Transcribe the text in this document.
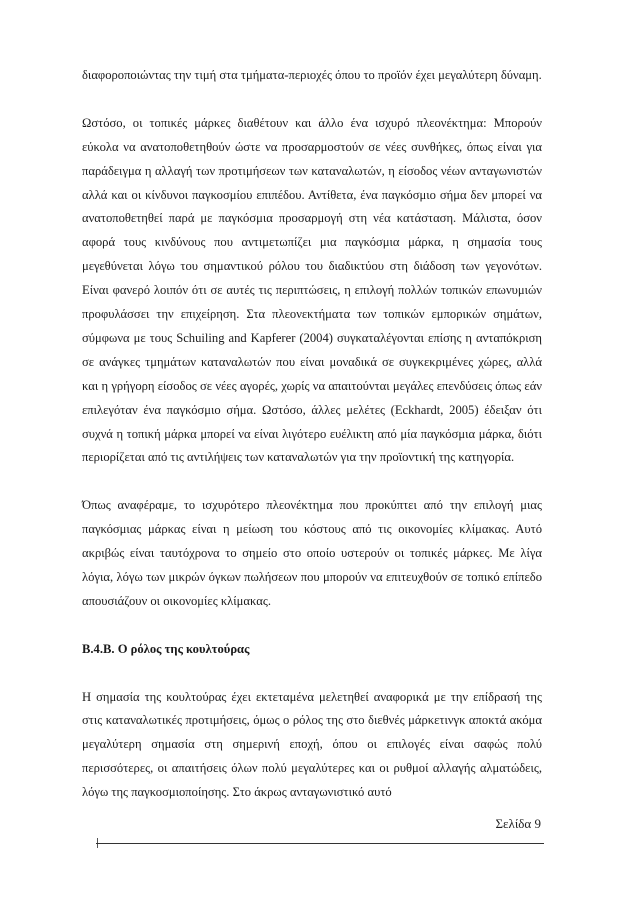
διαφοροποιώντας την τιμή στα τμήματα-περιοχές όπου το προϊόν έχει μεγαλύτερη δύναμη.

Ωστόσο, οι τοπικές μάρκες διαθέτουν και άλλο ένα ισχυρό πλεονέκτημα: Μπορούν εύκολα να ανατοποθετηθούν ώστε να προσαρμοστούν σε νέες συνθήκες, όπως είναι για παράδειγμα η αλλαγή των προτιμήσεων των καταναλωτών, η είσοδος νέων ανταγωνιστών αλλά και οι κίνδυνοι παγκοσμίου επιπέδου. Αντίθετα, ένα παγκόσμιο σήμα δεν μπορεί να ανατοποθετηθεί παρά με παγκόσμια προσαρμογή στη νέα κατάσταση. Μάλιστα, όσον αφορά τους κινδύνους που αντιμετωπίζει μια παγκόσμια μάρκα, η σημασία τους μεγεθύνεται λόγω του σημαντικού ρόλου του διαδικτύου στη διάδοση των γεγονότων. Είναι φανερό λοιπόν ότι σε αυτές τις περιπτώσεις, η επιλογή πολλών τοπικών επωνυμιών προφυλάσσει την επιχείρηση. Στα πλεονεκτήματα των τοπικών εμπορικών σημάτων, σύμφωνα με τους Schuiling and Kapferer (2004) συγκαταλέγονται επίσης η ανταπόκριση σε ανάγκες τμημάτων καταναλωτών που είναι μοναδικά σε συγκεκριμένες χώρες, αλλά και η γρήγορη είσοδος σε νέες αγορές, χωρίς να απαιτούνται μεγάλες επενδύσεις όπως εάν επιλεγόταν ένα παγκόσμιο σήμα. Ωστόσο, άλλες μελέτες (Eckhardt, 2005) έδειξαν ότι συχνά η τοπική μάρκα μπορεί να είναι λιγότερο ευέλικτη από μία παγκόσμια μάρκα, διότι περιορίζεται από τις αντιλήψεις των καταναλωτών για την προϊοντική της κατηγορία.

Όπως αναφέραμε, το ισχυρότερο πλεονέκτημα που προκύπτει από την επιλογή μιας παγκόσμιας μάρκας είναι η μείωση του κόστους από τις οικονομίες κλίμακας. Αυτό ακριβώς είναι ταυτόχρονα το σημείο στο οποίο υστερούν οι τοπικές μάρκες. Με λίγα λόγια, λόγω των μικρών όγκων πωλήσεων που μπορούν να επιτευχθούν σε τοπικό επίπεδο απουσιάζουν οι οικονομίες κλίμακας.

Β.4.Β. Ο ρόλος της κουλτούρας

Η σημασία της κουλτούρας έχει εκτεταμένα μελετηθεί αναφορικά με την επίδρασή της στις καταναλωτικές προτιμήσεις, όμως ο ρόλος της στο διεθνές μάρκετινγκ αποκτά ακόμα μεγαλύτερη σημασία στη σημερινή εποχή, όπου οι επιλογές είναι σαφώς πολύ περισσότερες, οι απαιτήσεις όλων πολύ μεγαλύτερες και οι ρυθμοί αλλαγής αλματώδεις, λόγω της παγκοσμιοποίησης. Στο άκρως ανταγωνιστικό αυτό

Σελίδα 9
